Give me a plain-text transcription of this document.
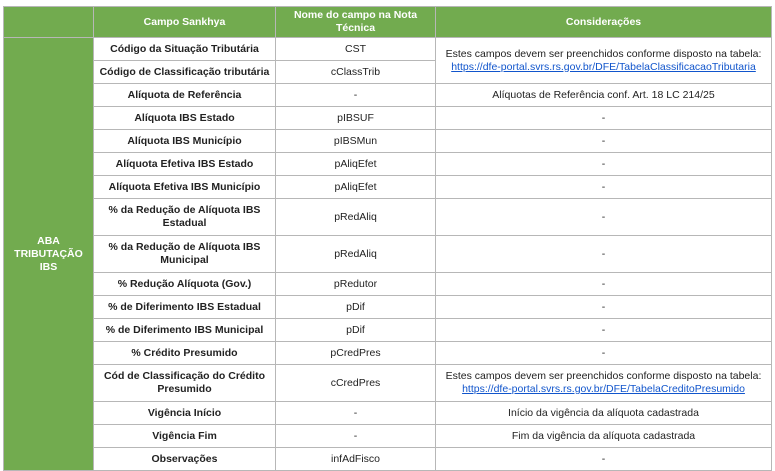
	Campo Sankhya	Nome do campo na Nota Técnica	Considerações
ABA TRIBUTAÇÃO IBS	Código da Situação Tributária	CST	Estes campos devem ser preenchidos conforme disposto na tabela:
https://dfe-portal.svrs.rs.gov.br/DFE/TabelaClassificacaoTributaria
	Código de Classificação tributária	cClassTrib	
	Alíquota de Referência	-	Alíquotas de Referência conf. Art. 18 LC 214/25
	Alíquota IBS Estado	pIBSUF	-
	Alíquota IBS Município	pIBSMun	-
	Alíquota Efetiva IBS Estado	pAliqEfet	-
	Alíquota Efetiva IBS Município	pAliqEfet	-
	% da Redução de Alíquota IBS Estadual	pRedAliq	-
	% da Redução de Alíquota IBS Municipal	pRedAliq	-
	% Redução Alíquota (Gov.)	pRedutor	-
	% de Diferimento IBS Estadual	pDif	-
	% de Diferimento IBS Municipal	pDif	-
	% Crédito Presumido	pCredPres	-
	Cód de Classificação do Crédito Presumido	cCredPres	Estes campos devem ser preenchidos conforme disposto na tabela:
https://dfe-portal.svrs.rs.gov.br/DFE/TabelaCreditoPresumido
	Vigência Início	-	Início da vigência da alíquota cadastrada
	Vigência Fim	-	Fim da vigência da alíquota cadastrada
	Observações	infAdFisco	-
